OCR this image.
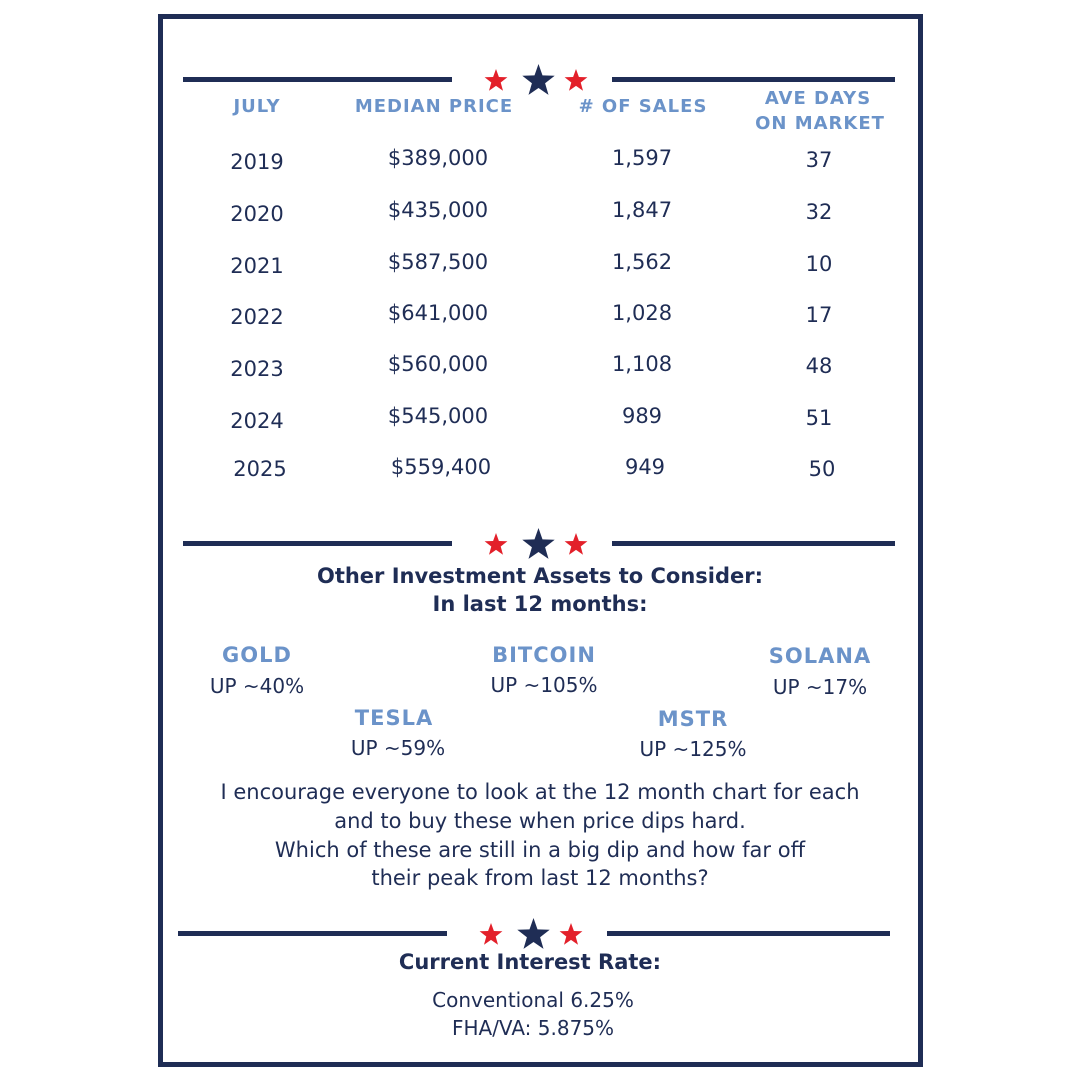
JULY	MEDIAN PRICE	# OF SALES	AVE DAYS
ON MARKET
2019	$389,000	1,597	37
2020	$435,000	1,847	32
2021	$587,500	1,562	10
2022	$641,000	1,028	17
2023	$560,000	1,108	48
2024	$545,000	989	51
2025	$559,400	949	50
Other Investment Assets to Consider:
In last 12 months:
GOLD
UP ~40%
BITCOIN
UP ~105%
SOLANA
UP ~17%
TESLA
UP ~59%
MSTR
UP ~125%
I encourage everyone to look at the 12 month chart for each
and to buy these when price dips hard.
Which of these are still in a big dip and how far off
their peak from last 12 months?
Current Interest Rate:
Conventional 6.25%
FHA/VA: 5.875%
